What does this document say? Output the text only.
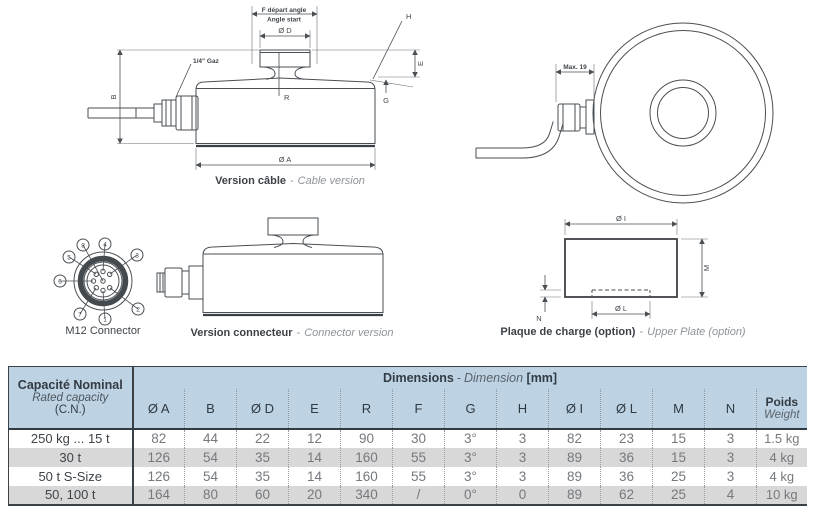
F départ angle
Angle start
Ø D
B
1/4" Gaz
R
H
E
G
Ø A
Version câble - Cable version
Max. 19
1
2
3
4
5
6
7
8
M12 Connector	Version connecteur - Connector version
Ø I
M
N
Ø L
Plaque de charge (option) - Upper Plate (option)
Capacité Nominal
Rated capacity
(C.N.)	Dimensions - Dimension [mm]												
	Ø A	B	Ø D	E	R	F	G	H	Ø I	Ø L	M	N	Poids
Weight

250 kg ... 15 t	82	44	22	12	90	30	3°	3	82	23	15	3	1.5 kg
30 t	126	54	35	14	160	55	3°	3	89	36	15	3	4 kg
50 t S-Size	126	54	35	14	160	55	3°	3	89	36	25	3	4 kg
50, 100 t	164	80	60	20	340	/	0°	0	89	62	25	4	10 kg
